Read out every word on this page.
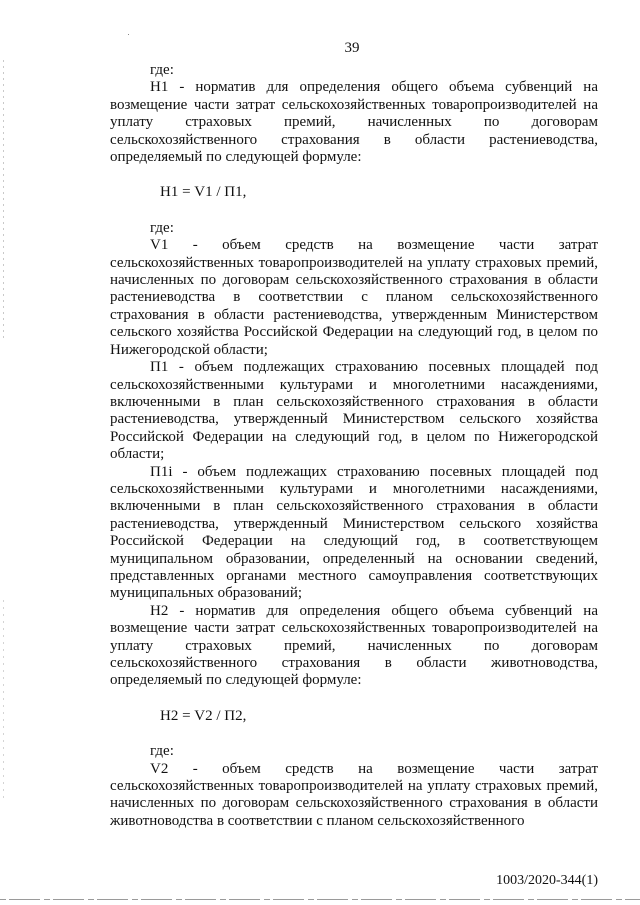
39

где:

Н1 - норматив для определения общего объема субвенций на возмещение части затрат сельскохозяйственных товаропроизводителей на уплату страховых премий, начисленных по договорам сельскохозяйственного страхования в области растениеводства, определяемый по следующей формуле:

Н1 = V1 / П1,

где:

V1 - объем средств на возмещение части затрат сельскохозяйственных товаропроизводителей на уплату страховых премий, начисленных по договорам сельскохозяйственного страхования в области растениеводства в соответствии с планом сельскохозяйственного страхования в области растениеводства, утвержденным Министерством сельского хозяйства Российской Федерации на следующий год, в целом по Нижегородской области;

П1 - объем подлежащих страхованию посевных площадей под сельскохозяйственными культурами и многолетними насаждениями, включенными в план сельскохозяйственного страхования в области растениеводства, утвержденный Министерством сельского хозяйства Российской Федерации на следующий год, в целом по Нижегородской области;

П1i - объем подлежащих страхованию посевных площадей под сельскохозяйственными культурами и многолетними насаждениями, включенными в план сельскохозяйственного страхования в области растениеводства, утвержденный Министерством сельского хозяйства Российской Федерации на следующий год, в соответствующем муниципальном образовании, определенный на основании сведений, представленных органами местного самоуправления соответствующих муниципальных образований;

Н2 - норматив для определения общего объема субвенций на возмещение части затрат сельскохозяйственных товаропроизводителей на уплату страховых премий, начисленных по договорам сельскохозяйственного страхования в области животноводства, определяемый по следующей формуле:

Н2 = V2 / П2,

где:

V2 - объем средств на возмещение части затрат сельскохозяйственных товаропроизводителей на уплату страховых премий, начисленных по договорам сельскохозяйственного страхования в области животноводства в соответствии с планом сельскохозяйственного

1003/2020-344(1)
